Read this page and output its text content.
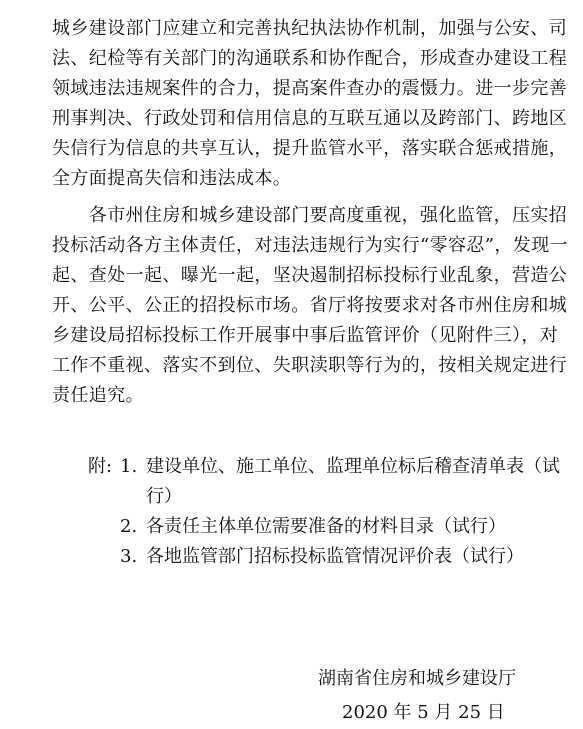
城乡建设部门应建立和完善执纪执法协作机制，加强与公安、司
法、纪检等有关部门的沟通联系和协作配合，形成查办建设工程
领域违法违规案件的合力，提高案件查办的震慑力。进一步完善
刑事判决、行政处罚和信用信息的互联互通以及跨部门、跨地区
失信行为信息的共享互认，提升监管水平，落实联合惩戒措施，
全方面提高失信和违法成本。
　　各市州住房和城乡建设部门要高度重视，强化监管，压实招
投标活动各方主体责任，对违法违规行为实行“零容忍”，发现一
起、查处一起、曝光一起，坚决遏制招标投标行业乱象，营造公
开、公平、公正的招投标市场。省厅将按要求对各市州住房和城
乡建设局招标投标工作开展事中事后监管评价（见附件三），对
工作不重视、落实不到位、失职渎职等行为的，按相关规定进行
责任追究。
附: 1. 建设单位、施工单位、监理单位标后稽查清单表（试
行）
2. 各责任主体单位需要准备的材料目录（试行）
3. 各地监管部门招标投标监管情况评价表（试行）
湖南省住房和城乡建设厅
2020 年 5 月 25 日
